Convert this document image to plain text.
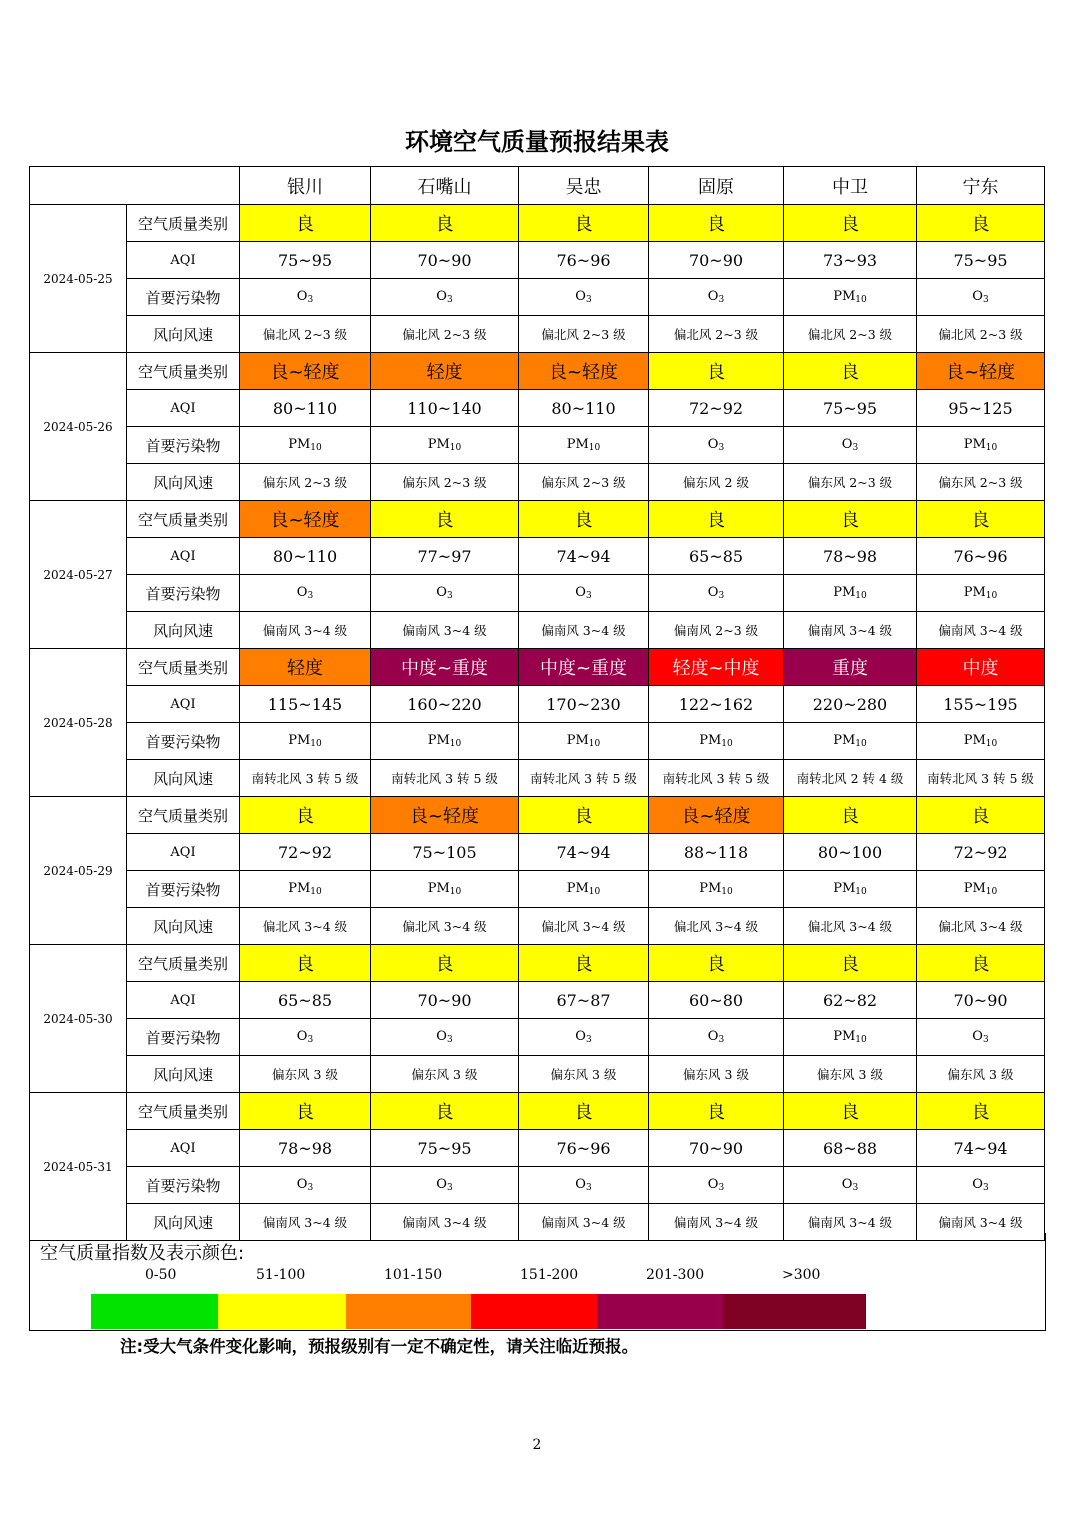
环境空气质量预报结果表
		银川	石嘴山	吴忠	固原	中卫	宁东
2024-05-25	空气质量类别	良	良	良	良	良	良
	AQI	75~95	70~90	76~96	70~90	73~93	75~95
	首要污染物	$O_3$	$O_3$	$O_3$	$O_3$	$PM_{10}$	$O_3$
	风向风速	偏北风 2~3 级	偏北风 2~3 级	偏北风 2~3 级	偏北风 2~3 级	偏北风 2~3 级	偏北风 2~3 级
2024-05-26	空气质量类别	良~轻度	轻度	良~轻度	良	良	良~轻度
	AQI	80~110	110~140	80~110	72~92	75~95	95~125
	首要污染物	$PM_{10}$	$PM_{10}$	$PM_{10}$	$O_3$	$O_3$	$PM_{10}$
	风向风速	偏东风 2~3 级	偏东风 2~3 级	偏东风 2~3 级	偏东风 2 级	偏东风 2~3 级	偏东风 2~3 级
2024-05-27	空气质量类别	良~轻度	良	良	良	良	良
	AQI	80~110	77~97	74~94	65~85	78~98	76~96
	首要污染物	$O_3$	$O_3$	$O_3$	$O_3$	$PM_{10}$	$PM_{10}$
	风向风速	偏南风 3~4 级	偏南风 3~4 级	偏南风 3~4 级	偏南风 2~3 级	偏南风 3~4 级	偏南风 3~4 级
2024-05-28	空气质量类别	轻度	中度~重度	中度~重度	轻度~中度	重度	中度
	AQI	115~145	160~220	170~230	122~162	220~280	155~195
	首要污染物	$PM_{10}$	$PM_{10}$	$PM_{10}$	$PM_{10}$	$PM_{10}$	$PM_{10}$
	风向风速	南转北风 3 转 5 级	南转北风 3 转 5 级	南转北风 3 转 5 级	南转北风 3 转 5 级	南转北风 2 转 4 级	南转北风 3 转 5 级
2024-05-29	空气质量类别	良	良~轻度	良	良~轻度	良	良
	AQI	72~92	75~105	74~94	88~118	80~100	72~92
	首要污染物	$PM_{10}$	$PM_{10}$	$PM_{10}$	$PM_{10}$	$PM_{10}$	$PM_{10}$
	风向风速	偏北风 3~4 级	偏北风 3~4 级	偏北风 3~4 级	偏北风 3~4 级	偏北风 3~4 级	偏北风 3~4 级
2024-05-30	空气质量类别	良	良	良	良	良	良
	AQI	65~85	70~90	67~87	60~80	62~82	70~90
	首要污染物	$O_3$	$O_3$	$O_3$	$O_3$	$PM_{10}$	$O_3$
	风向风速	偏东风 3 级	偏东风 3 级	偏东风 3 级	偏东风 3 级	偏东风 3 级	偏东风 3 级
2024-05-31	空气质量类别	良	良	良	良	良	良
	AQI	78~98	75~95	76~96	70~90	68~88	74~94
	首要污染物	$O_3$	$O_3$	$O_3$	$O_3$	$O_3$	$O_3$
	风向风速	偏南风 3~4 级	偏南风 3~4 级	偏南风 3~4 级	偏南风 3~4 级	偏南风 3~4 级	偏南风 3~4 级
空气质量指数及表示颜色:
0-50	51-100	101-150	151-200	201-300	>300
注:受大气条件变化影响，预报级别有一定不确定性，请关注临近预报。
2
